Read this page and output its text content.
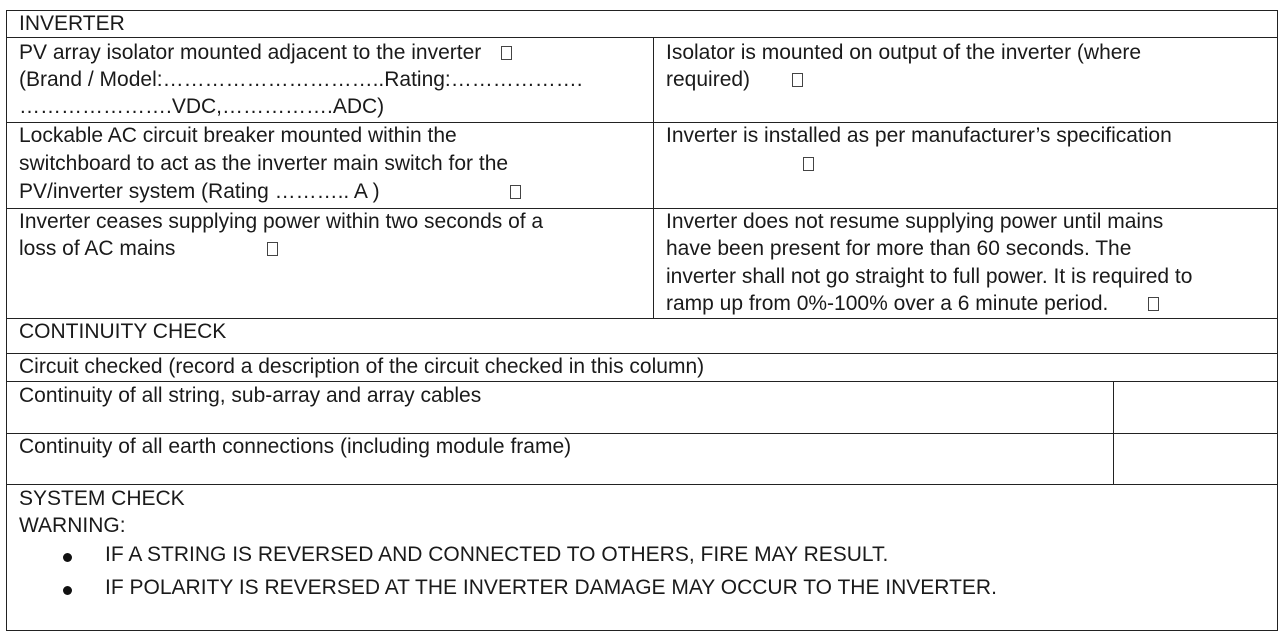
INVERTER
PV array isolator mounted adjacent to the inverter
(Brand / Model:…………………………..Rating:……………….
………………….VDC,…………….ADC)
Isolator is mounted on output of the inverter (where
required)
Lockable AC circuit breaker mounted within the
switchboard to act as the inverter main switch for the
PV/inverter system (Rating ……….. A )
Inverter is installed as per manufacturer’s specification
Inverter ceases supplying power within two seconds of a
loss of AC mains
Inverter does not resume supplying power until mains
have been present for more than 60 seconds. The
inverter shall not go straight to full power. It is required to
ramp up from 0%-100% over a 6 minute period.
CONTINUITY CHECK
Circuit checked (record a description of the circuit checked in this column)
Continuity of all string, sub-array and array cables
Continuity of all earth connections (including module frame)
SYSTEM CHECK
WARNING:
IF A STRING IS REVERSED AND CONNECTED TO OTHERS, FIRE MAY RESULT.
IF POLARITY IS REVERSED AT THE INVERTER DAMAGE MAY OCCUR TO THE INVERTER.
